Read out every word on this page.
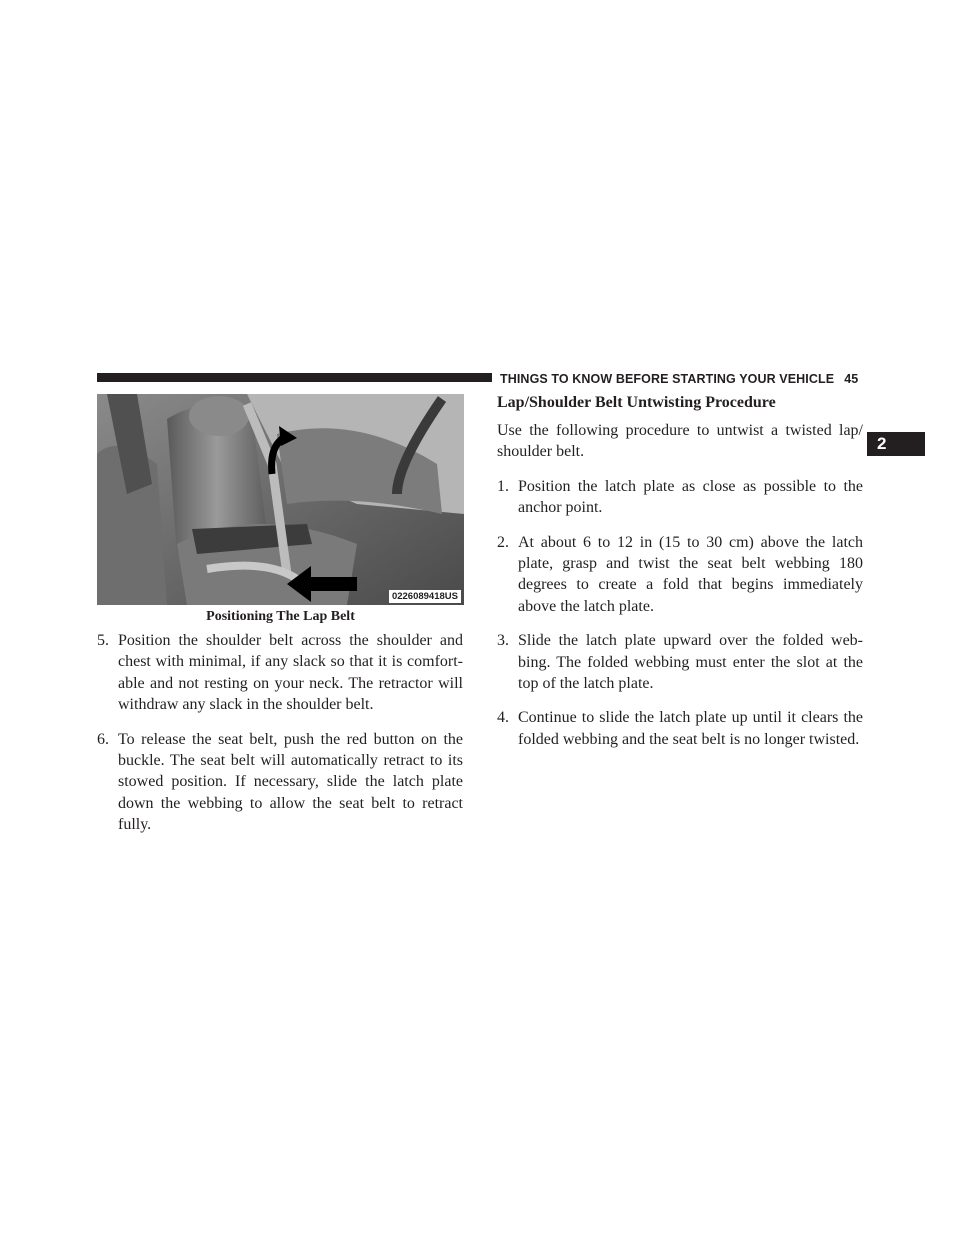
THINGS TO KNOW BEFORE STARTING YOUR VEHICLE 45
2
0226089418US
Positioning The Lap Belt
5. Position the shoulder belt across the shoulder and chest with minimal, if any slack so that it is comfort-able and not resting on your neck. The retractor will withdraw any slack in the shoulder belt.

6. To release the seat belt, push the red button on the buckle. The seat belt will automatically retract to its stowed position. If necessary, slide the latch plate down the webbing to allow the seat belt to retract fully.

Lap/Shoulder Belt Untwisting Procedure

Use the following procedure to untwist a twisted lap/ shoulder belt.

1. Position the latch plate as close as possible to the anchor point.

2. At about 6 to 12 in (15 to 30 cm) above the latch plate, grasp and twist the seat belt webbing 180 degrees to create a fold that begins immediately above the latch plate.

3. Slide the latch plate upward over the folded web-bing. The folded webbing must enter the slot at the top of the latch plate.

4. Continue to slide the latch plate up until it clears the folded webbing and the seat belt is no longer twisted.
